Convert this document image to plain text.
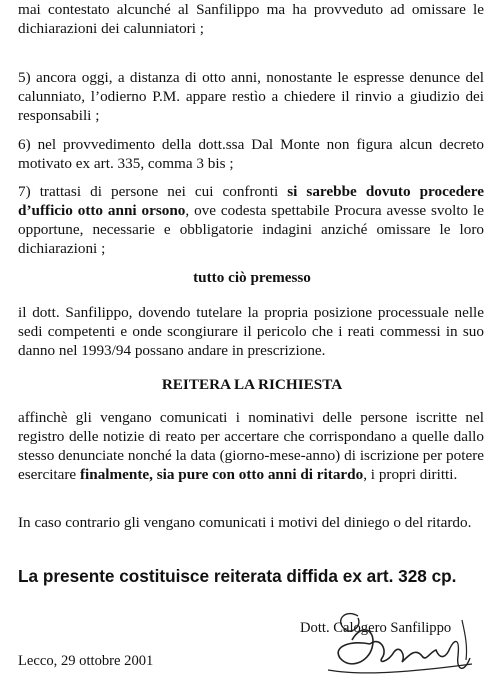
mai contestato alcunché al Sanfilippo ma ha provveduto ad omissare le dichiarazioni dei calunniatori ;

5) ancora oggi, a distanza di otto anni, nonostante le espresse denunce del calunniato, l’odierno P.M. appare restìo a chiedere il rinvio a giudizio dei responsabili ;

6) nel provvedimento della dott.ssa Dal Monte non figura alcun decreto motivato ex art. 335, comma 3 bis ;

7) trattasi di persone nei cui confronti si sarebbe dovuto procedere d’ufficio otto anni orsono, ove codesta spettabile Procura avesse svolto le opportune, necessarie e obbligatorie indagini anziché omissare le loro dichiarazioni ;

tutto ciò premesso

il dott. Sanfilippo, dovendo tutelare la propria posizione processuale nelle sedi competenti e onde scongiurare il pericolo che i reati commessi in suo danno nel 1993/94 possano andare in prescrizione.

REITERA LA RICHIESTA

affinchè gli vengano comunicati i nominativi delle persone iscritte nel registro delle notizie di reato per accertare che corrispondano a quelle dallo stesso denunciate nonché la data (giorno-mese-anno) di iscrizione per potere esercitare finalmente, sia pure con otto anni di ritardo, i propri diritti.

In caso contrario gli vengano comunicati i motivi del diniego o del ritardo.

La presente costituisce reiterata diffida ex art. 328 cp.

Dott. Calogero Sanfilippo

Lecco, 29 ottobre 2001
